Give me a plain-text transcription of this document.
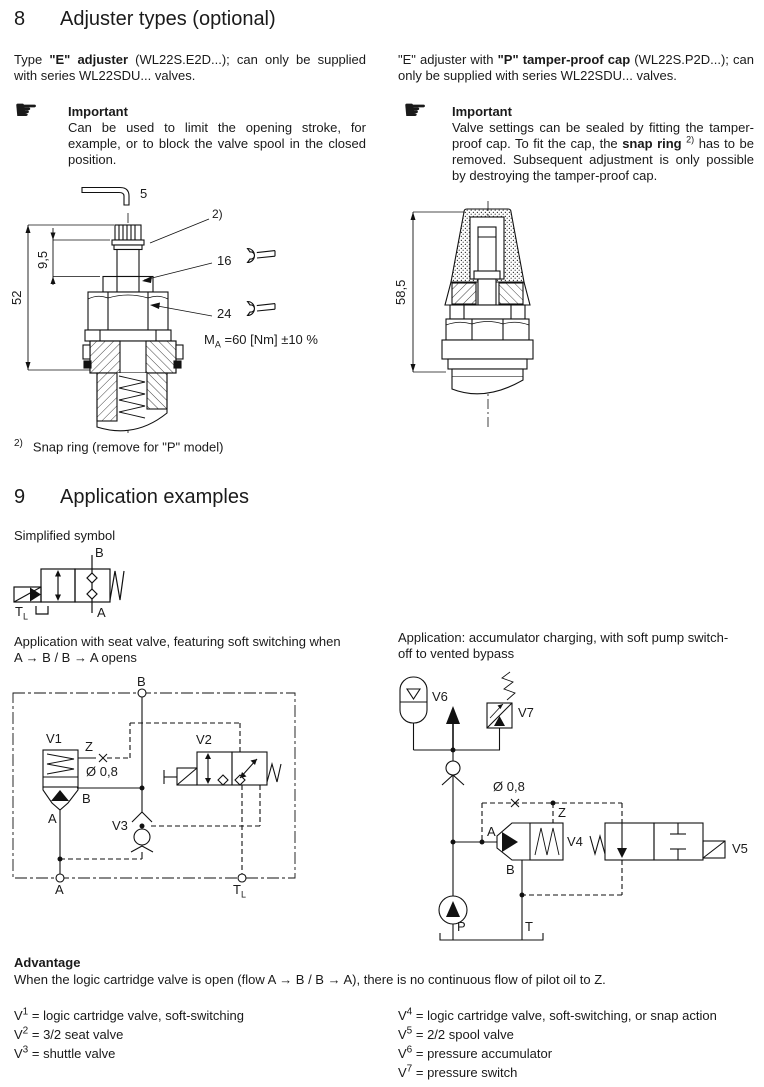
8 Adjuster types (optional)

Type "E" adjuster (WL22S.E2D...); can only be supplied with series WL22SDU... valves.

"E" adjuster with "P" tamper-proof cap (WL22S.P2D...); can only be supplied with series WL22SDU... valves.

☛ Important
Can be used to limit the opening stroke, for example, or to block the valve spool in the closed position.
☛ Important
Valve settings can be sealed by fitting the tamper-proof cap. To fit the cap, the snap ring $^{2)}$ has to be removed. Subsequent adjustment is only possible by destroying the tamper-proof cap.
5
2)
52
9,5	16
24
$M_A =60$ [Nm] ±10 %
58,5
$^{2)}$ Snap ring (remove for "P" model)
9 Application examples
Simplified symbol
B
A
$T_L$

Application with seat valve, featuring soft switching when
A → B / B → A opens

Application: accumulator charging, with soft pump switch-
off to vented bypass

B
A	$T_L$
V1
Z
Ø 0,8
B
A
V2
V3
V6
V7
Ø 0,8
Z
A
B
V4	V5
P	T
Advantage
When the logic cartridge valve is open (flow A → B / B → A), there is no continuous flow of pilot oil to Z.
$V^1$ = logic cartridge valve, soft-switching
$V^2 = 3/2$ seat valve
$V^3$ = shuttle valve
$V^4$ = logic cartridge valve, soft-switching, or snap action
$V^5 = 2/2$ spool valve
$V^6$ = pressure accumulator
$V^7$ = pressure switch
